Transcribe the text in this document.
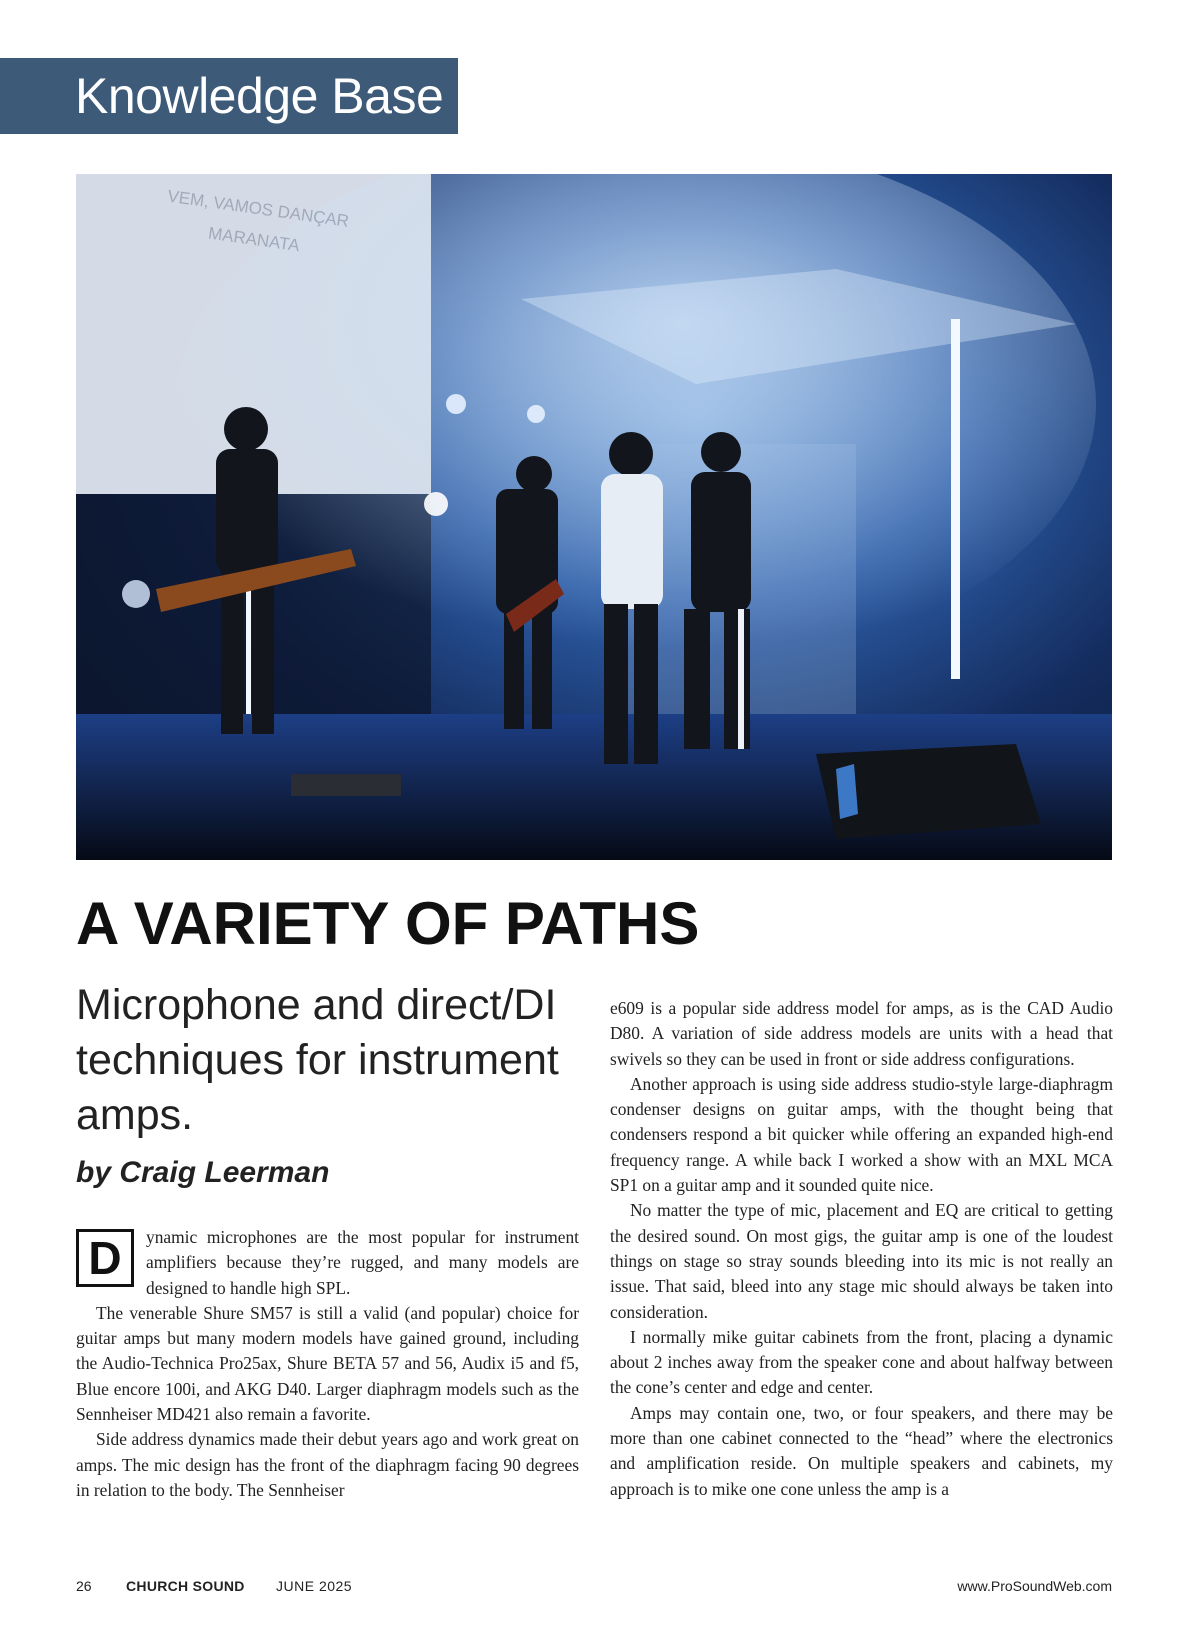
Knowledge Base
VEM, VAMOS DANÇAR
MARANATA
A VARIETY OF PATHS

Microphone and direct/DI techniques for instrument amps.

by Craig Leerman
D	ynamic microphones are the most popular for instrument amplifiers because they’re rugged, and many models are designed to handle high SPL.

The venerable Shure SM57 is still a valid (and popular) choice for guitar amps but many modern models have gained ground, including the Audio-Technica Pro25ax, Shure BETA 57 and 56, Audix i5 and f5, Blue encore 100i, and AKG D40. Larger diaphragm models such as the Sennheiser MD421 also remain a favorite.

Side address dynamics made their debut years ago and work great on amps. The mic design has the front of the diaphragm facing 90 degrees in relation to the body. The Sennheiser

e609 is a popular side address model for amps, as is the CAD Audio D80. A variation of side address models are units with a head that swivels so they can be used in front or side address configurations.

Another approach is using side address studio-style large-diaphragm condenser designs on guitar amps, with the thought being that condensers respond a bit quicker while offering an expanded high-end frequency range. A while back I worked a show with an MXL MCA SP1 on a guitar amp and it sounded quite nice.

No matter the type of mic, placement and EQ are critical to getting the desired sound. On most gigs, the guitar amp is one of the loudest things on stage so stray sounds bleeding into its mic is not really an issue. That said, bleed into any stage mic should always be taken into consideration.

I normally mike guitar cabinets from the front, placing a dynamic about 2 inches away from the speaker cone and about halfway between the cone’s center and edge and center.

Amps may contain one, two, or four speakers, and there may be more than one cabinet connected to the “head” where the electronics and amplification reside. On multiple speakers and cabinets, my approach is to mike one cone unless the amp is a

26 CHURCH SOUND JUNE 2025	www.ProSoundWeb.com
